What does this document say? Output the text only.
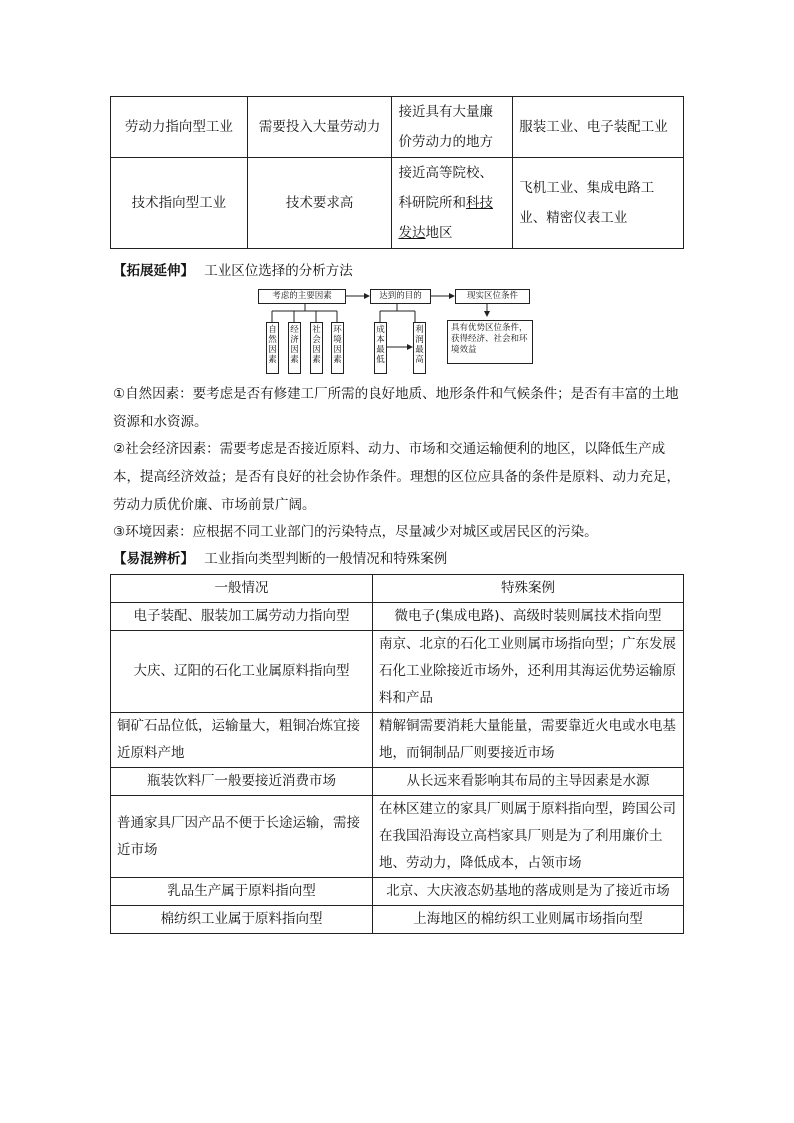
劳动力指向型工业	需要投入大量劳动力	接近具有大量廉价劳动力的地方	服装工业、电子装配工业
技术指向型工业	技术要求高	接近高等院校、科研院所和科技发达地区	飞机工业、集成电路工业、精密仪表工业
【拓展延伸】 工业区位选择的分析方法
考虑的主要因素	达到的目的	现实区位条件
自然因素
经济因素
社会因素
环境因素
成本最低
利润最高
具有优势区位条件，获得经济、社会和环境效益
①自然因素：要考虑是否有修建工厂所需的良好地质、地形条件和气候条件；是否有丰富的土地资源和水资源。
②社会经济因素：需要考虑是否接近原料、动力、市场和交通运输便利的地区，以降低生产成本，提高经济效益；是否有良好的社会协作条件。理想的区位应具备的条件是原料、动力充足，劳动力质优价廉、市场前景广阔。
③环境因素：应根据不同工业部门的污染特点，尽量减少对城区或居民区的污染。
【易混辨析】 工业指向类型判断的一般情况和特殊案例
一般情况	特殊案例
电子装配、服装加工属劳动力指向型	微电子(集成电路)、高级时装则属技术指向型
大庆、辽阳的石化工业属原料指向型	南京、北京的石化工业则属市场指向型；广东发展石化工业除接近市场外，还利用其海运优势运输原料和产品
铜矿石品位低，运输量大，粗铜冶炼宜接近原料产地	精解铜需要消耗大量能量，需要靠近火电或水电基地，而铜制品厂则要接近市场
瓶装饮料厂一般要接近消费市场	从长远来看影响其布局的主导因素是水源
普通家具厂因产品不便于长途运输，需接近市场	在林区建立的家具厂则属于原料指向型，跨国公司在我国沿海设立高档家具厂则是为了利用廉价土地、劳动力，降低成本，占领市场
乳品生产属于原料指向型	北京、大庆液态奶基地的落成则是为了接近市场
棉纺织工业属于原料指向型	上海地区的棉纺织工业则属市场指向型
